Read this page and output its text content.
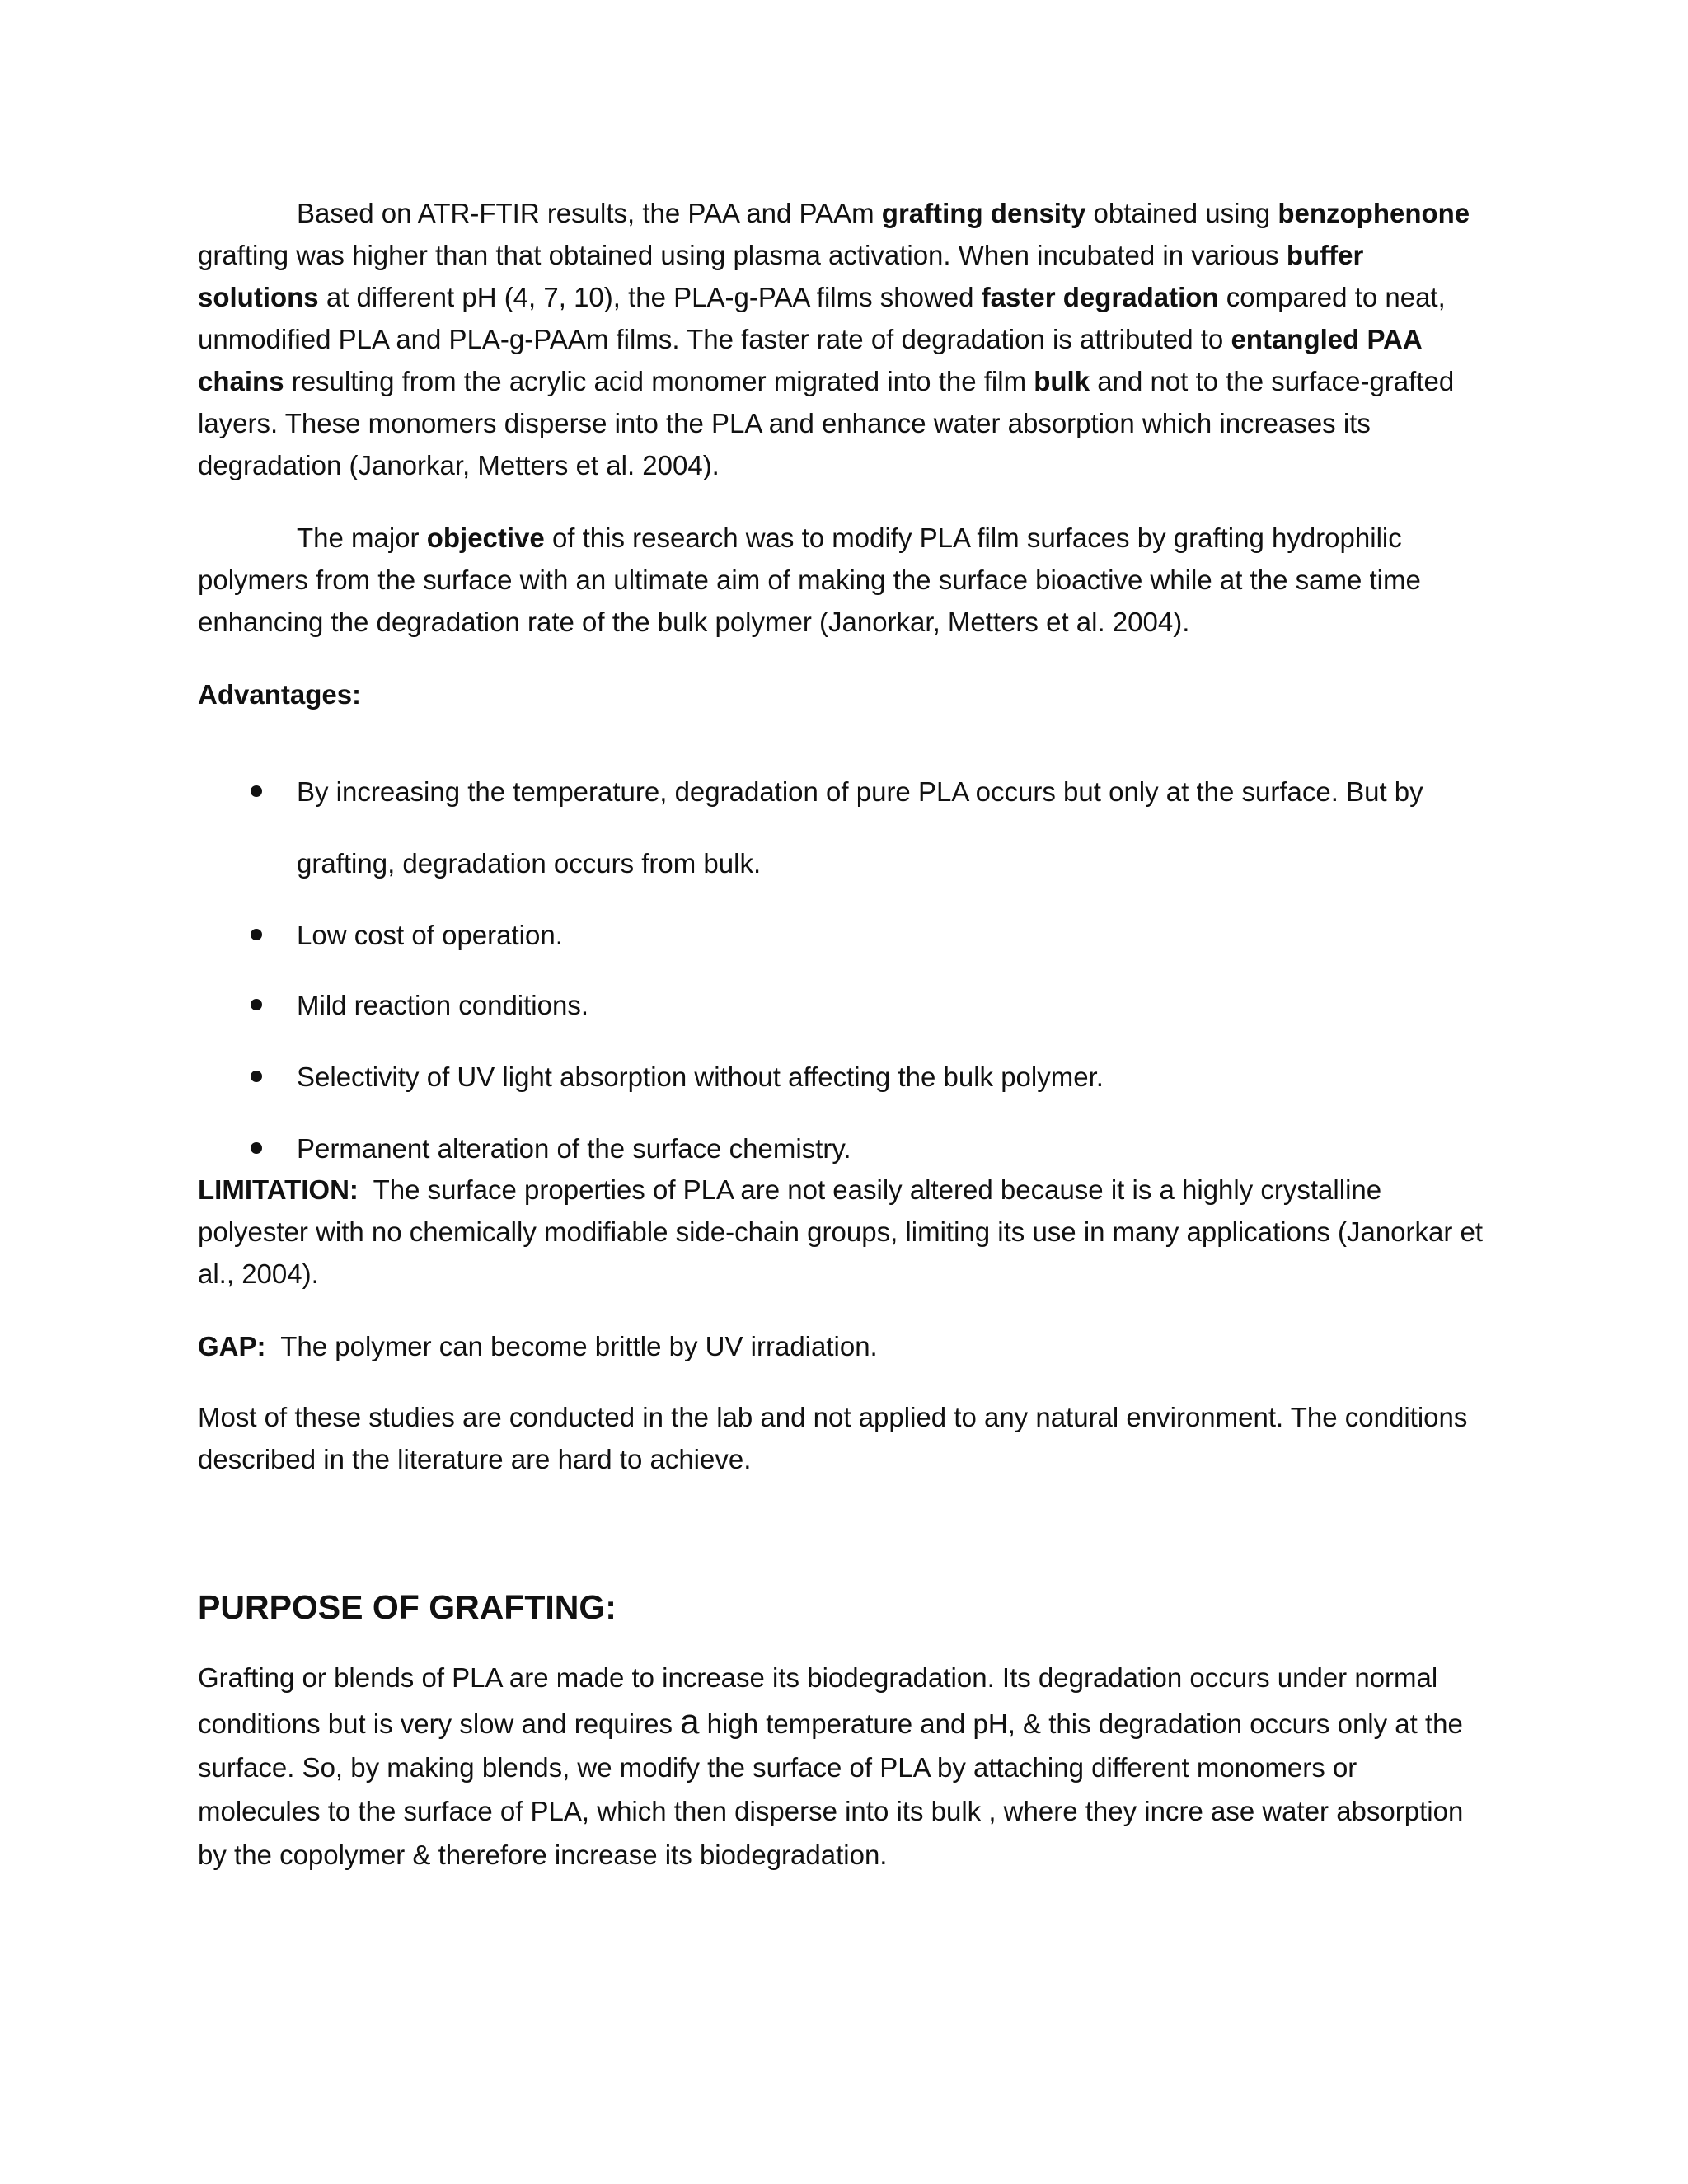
Based on ATR-FTIR results, the PAA and PAAm grafting density obtained using benzophenone grafting was higher than that obtained using plasma activation. When incubated in various buffer solutions at different pH (4, 7, 10), the PLA-g-PAA films showed faster degradation compared to neat, unmodified PLA and PLA-g-PAAm films. The faster rate of degradation is attributed to entangled PAA chains resulting from the acrylic acid monomer migrated into the film bulk and not to the surface-grafted layers. These monomers disperse into the PLA and enhance water absorption which increases its degradation (Janorkar, Metters et al. 2004).

The major objective of this research was to modify PLA film surfaces by grafting hydrophilic polymers from the surface with an ultimate aim of making the surface bioactive while at the same time enhancing the degradation rate of the bulk polymer (Janorkar, Metters et al. 2004).

Advantages:

By increasing the temperature, degradation of pure PLA occurs but only at the surface. But by
grafting, degradation occurs from bulk.
Low cost of operation.
Mild reaction conditions.
Selectivity of UV light absorption without affecting the bulk polymer.
Permanent alteration of the surface chemistry.

LIMITATION:  The surface properties of PLA are not easily altered because it is a highly crystalline polyester with no chemically modifiable side-chain groups, limiting its use in many applications (Janorkar et al., 2004).

GAP:  The polymer can become brittle by UV irradiation.

Most of these studies are conducted in the lab and not applied to any natural environment. The conditions described in the literature are hard to achieve.

PURPOSE OF GRAFTING:

Grafting or blends of PLA are made to increase its biodegradation. Its degradation occurs under normal conditions but is very slow and requires a high temperature and pH, & this degradation occurs only at the surface. So, by making blends, we modify the surface of PLA by attaching different monomers or molecules to the surface of PLA, which then disperse into its bulk , where they incre ase water absorption by the copolymer & therefore increase its biodegradation.
